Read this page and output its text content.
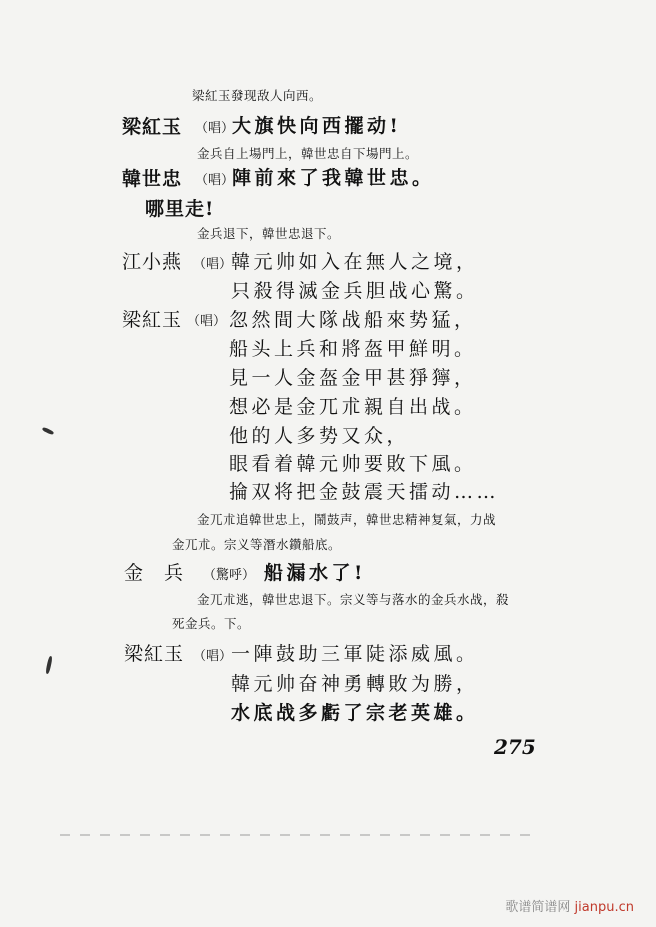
梁紅玉發现敌人向西。
梁紅玉 （唱）
大旗快向西擺动!
金兵自上場門上，韓世忠自下場門上。
韓世忠 （唱）
陣前來了我韓世忠。
哪里走!
金兵退下，韓世忠退下。
江小燕 （唱）
韓元帅如入在無人之境，
只殺得滅金兵胆战心驚。
梁紅玉 （唱） 忽然間大隊战船來势猛，
船头上兵和將盔甲鮮明。
見一人金盔金甲甚猙獰，
想必是金兀朮親自出战。
他的人多势又众，
眼看着韓元帅要敗下風。
掄双将把金鼓震天擂动……
金兀朮追韓世忠上，鬧鼓声，韓世忠精神复氣，力战
金兀朮。宗义等潛水鑽船底。
金　兵 （驚呼） 船漏水了!
金兀朮逃，韓世忠退下。宗义等与落水的金兵水战，殺
死金兵。下。
梁紅玉 （唱）
一陣鼓助三軍陡添威風。
韓元帅奋神勇轉敗为勝，
水底战多虧了宗老英雄。
275
歌谱简谱网 jianpu.cn
